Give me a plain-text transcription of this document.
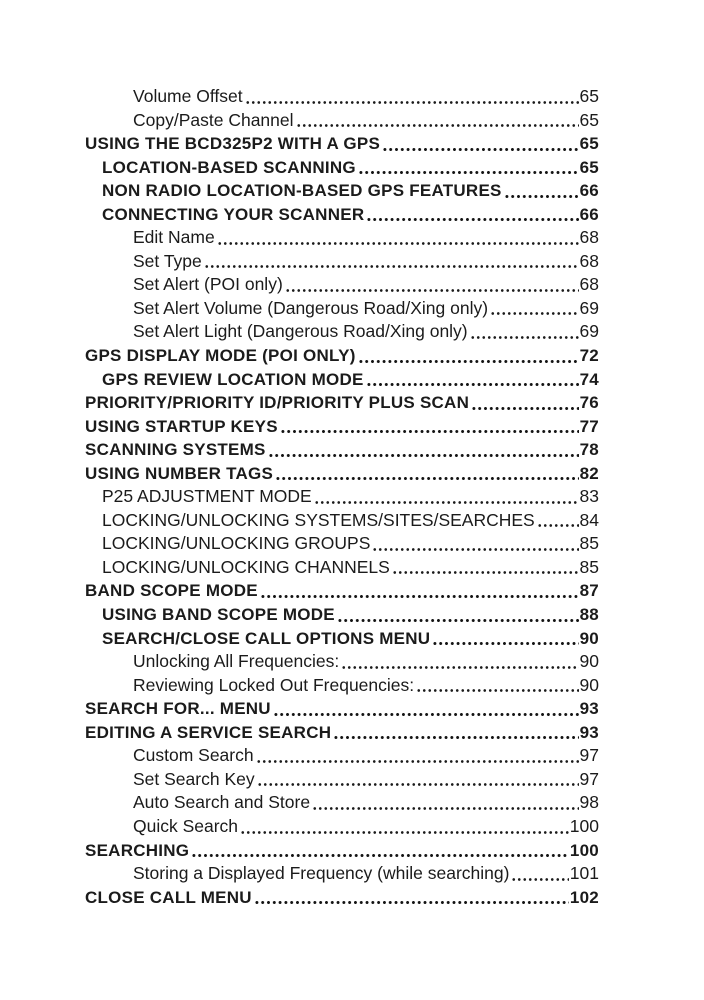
Volume Offset	65
Copy/Paste Channel	65
USING THE BCD325P2 WITH A GPS	65
LOCATION-BASED SCANNING	65
NON RADIO LOCATION-BASED GPS FEATURES	66
CONNECTING YOUR SCANNER	66
Edit Name	68
Set Type	68
Set Alert (POI only)	68
Set Alert Volume (Dangerous Road/Xing only)	69
Set Alert Light (Dangerous Road/Xing only)	69
GPS DISPLAY MODE (POI ONLY)	72
GPS REVIEW LOCATION MODE	74
PRIORITY/PRIORITY ID/PRIORITY PLUS SCAN	76
USING STARTUP KEYS	77
SCANNING SYSTEMS	78
USING NUMBER TAGS	82
P25 ADJUSTMENT MODE	83
LOCKING/UNLOCKING SYSTEMS/SITES/SEARCHES	84
LOCKING/UNLOCKING GROUPS	85
LOCKING/UNLOCKING CHANNELS	85
BAND SCOPE MODE	87
USING BAND SCOPE MODE	88
SEARCH/CLOSE CALL OPTIONS MENU	90
Unlocking All Frequencies:	90
Reviewing Locked Out Frequencies:	90
SEARCH FOR... MENU	93
EDITING A SERVICE SEARCH	93
Custom Search	97
Set Search Key	97
Auto Search and Store	98
Quick Search	100
SEARCHING	100
Storing a Displayed Frequency (while searching)	101
CLOSE CALL MENU	102
